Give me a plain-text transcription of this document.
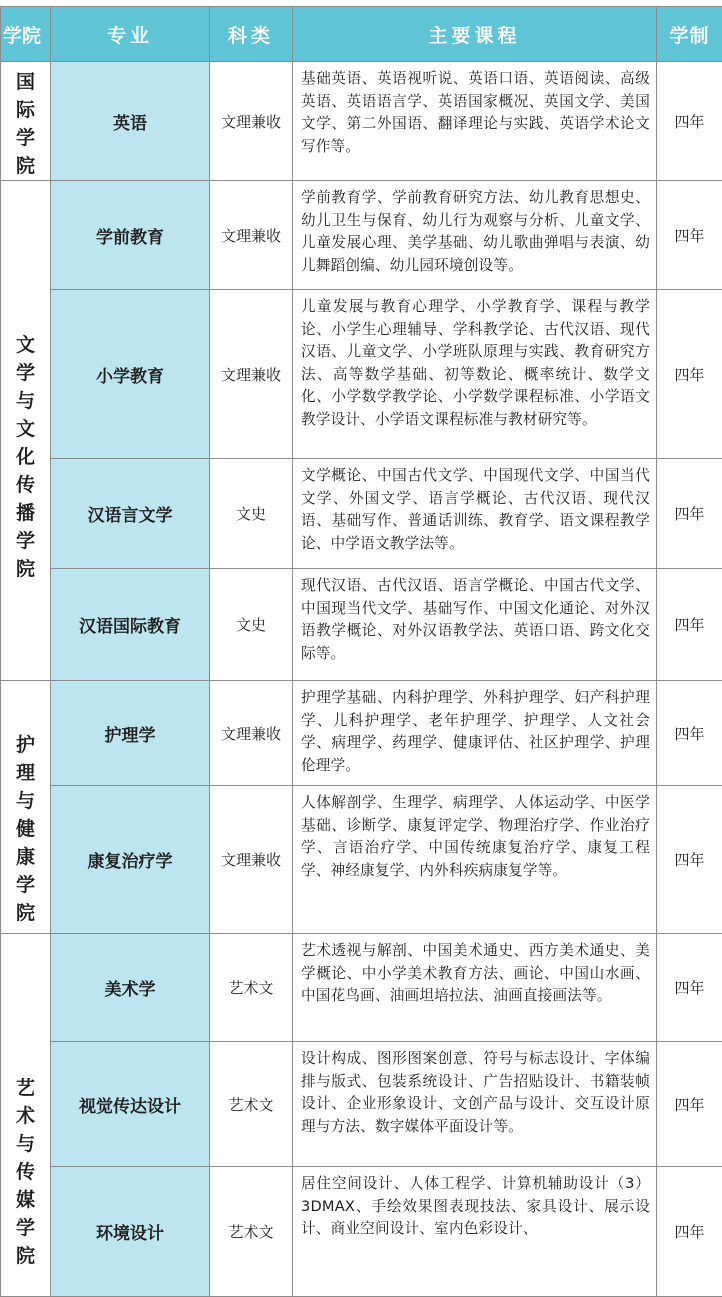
学院	专业	科类	主要课程	学制
国际学院	英语	文理兼收	基础英语、英语视听说、英语口语、英语阅读、高级英语、英语语言学、英语国家概况、英国文学、美国文学、第二外国语、翻译理论与实践、英语学术论文写作等。	四年
文学与文化传播学院	学前教育	文理兼收	学前教育学、学前教育研究方法、幼儿教育思想史、幼儿卫生与保育、幼儿行为观察与分析、儿童文学、儿童发展心理、美学基础、幼儿歌曲弹唱与表演、幼儿舞蹈创编、幼儿园环境创设等。	四年
	小学教育	文理兼收	儿童发展与教育心理学、小学教育学、课程与教学论、小学生心理辅导、学科教学论、古代汉语、现代汉语、儿童文学、小学班队原理与实践、教育研究方法、高等数学基础、初等数论、概率统计、数学文化、小学数学教学论、小学数学课程标准、小学语文教学设计、小学语文课程标准与教材研究等。	四年
	汉语言文学	文史	文学概论、中国古代文学、中国现代文学、中国当代文学、外国文学、语言学概论、古代汉语、现代汉语、基础写作、普通话训练、教育学、语文课程教学论、中学语文教学法等。	四年
	汉语国际教育	文史	现代汉语、古代汉语、语言学概论、中国古代文学、中国现当代文学、基础写作、中国文化通论、对外汉语教学概论、对外汉语教学法、英语口语、跨文化交际等。	四年
护理与健康学院	护理学	文理兼收	护理学基础、内科护理学、外科护理学、妇产科护理学、儿科护理学、老年护理学、护理学、人文社会学、病理学、药理学、健康评估、社区护理学、护理伦理学。	四年
	康复治疗学	文理兼收	人体解剖学、生理学、病理学、人体运动学、中医学基础、诊断学、康复评定学、物理治疗学、作业治疗学、言语治疗学、中国传统康复治疗学、康复工程学、神经康复学、内外科疾病康复学等。	四年
艺术与传媒学院	美术学	艺术文	艺术透视与解剖、中国美术通史、西方美术通史、美学概论、中小学美术教育方法、画论、中国山水画、中国花鸟画、油画坦培拉法、油画直接画法等。	四年
	视觉传达设计	艺术文	设计构成、图形图案创意、符号与标志设计、字体编排与版式、包装系统设计、广告招贴设计、书籍装帧设计、企业形象设计、文创产品与设计、交互设计原理与方法、数字媒体平面设计等。	四年
	环境设计	艺术文	居住空间设计、人体工程学、计算机辅助设计（3）3DMAX、手绘效果图表现技法、家具设计、展示设计、商业空间设计、室内色彩设计、	四年
